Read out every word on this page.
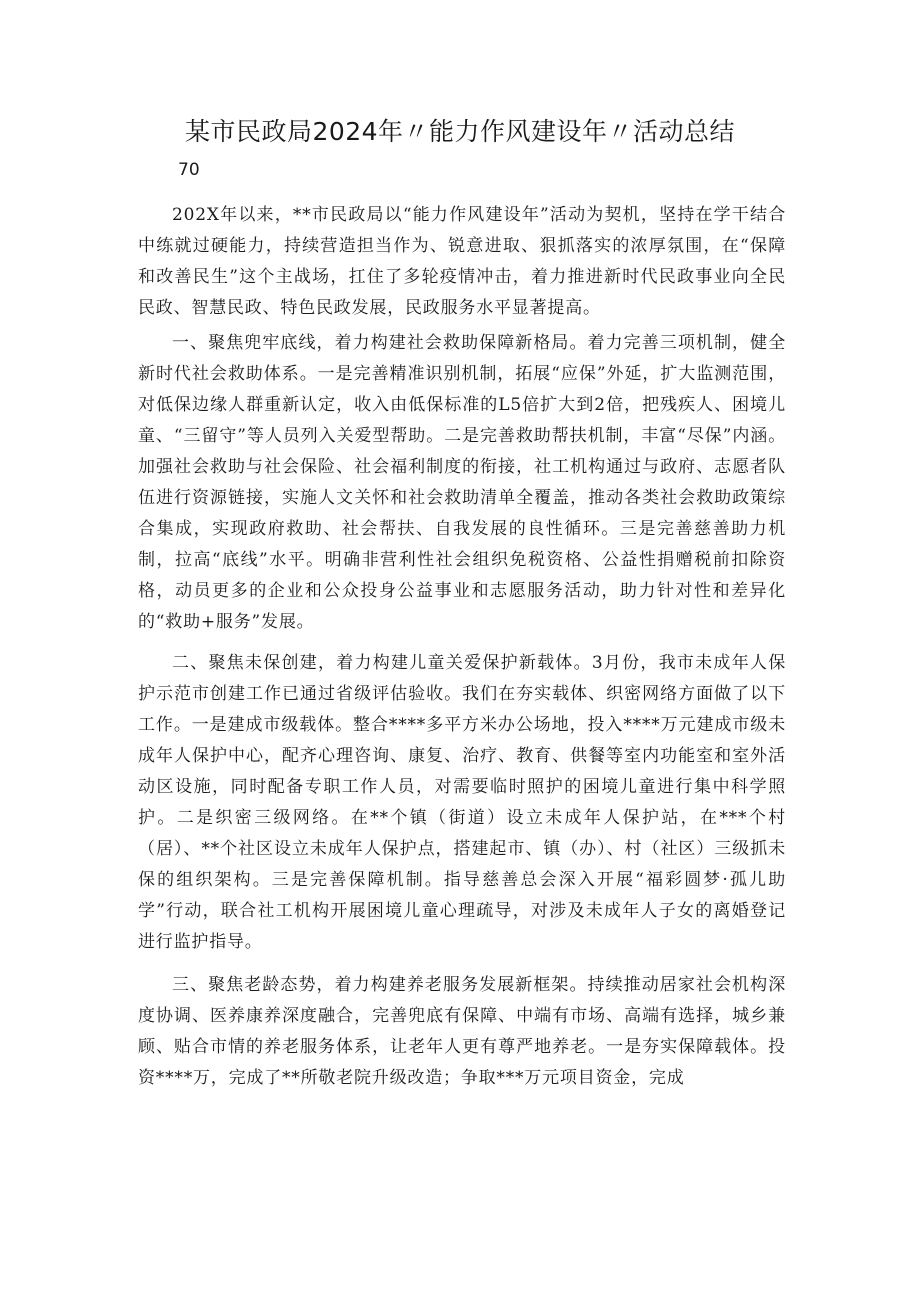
某市民政局2024年〃能力作风建设年〃活动总结
70

202X年以来，**市民政局以“能力作风建设年”活动为契机，坚持在学干结合中练就过硬能力，持续营造担当作为、锐意进取、狠抓落实的浓厚氛围，在“保障和改善民生”这个主战场，扛住了多轮疫情冲击，着力推进新时代民政事业向全民民政、智慧民政、特色民政发展，民政服务水平显著提高。

一、聚焦兜牢底线，着力构建社会救助保障新格局。着力完善三项机制，健全新时代社会救助体系。一是完善精准识别机制，拓展“应保”外延，扩大监测范围，对低保边缘人群重新认定，收入由低保标准的L5倍扩大到2倍，把残疾人、困境儿童、“三留守”等人员列入关爱型帮助。二是完善救助帮扶机制，丰富“尽保”内涵。加强社会救助与社会保险、社会福利制度的衔接，社工机构通过与政府、志愿者队伍进行资源链接，实施人文关怀和社会救助清单全覆盖，推动各类社会救助政策综合集成，实现政府救助、社会帮扶、自我发展的良性循环。三是完善慈善助力机制，拉高“底线”水平。明确非营利性社会组织免税资格、公益性捐赠税前扣除资格，动员更多的企业和公众投身公益事业和志愿服务活动，助力针对性和差异化的“救助+服务”发展。

二、聚焦未保创建，着力构建儿童关爱保护新载体。3月份，我市未成年人保护示范市创建工作已通过省级评估验收。我们在夯实载体、织密网络方面做了以下工作。一是建成市级载体。整合****多平方米办公场地，投入****万元建成市级未成年人保护中心，配齐心理咨询、康复、治疗、教育、供餐等室内功能室和室外活动区设施，同时配备专职工作人员，对需要临时照护的困境儿童进行集中科学照护。二是织密三级网络。在**个镇（街道）设立未成年人保护站，在***个村（居）、**个社区设立未成年人保护点，搭建起市、镇（办）、村（社区）三级抓未保的组织架构。三是完善保障机制。指导慈善总会深入开展“福彩圆梦·孤儿助学”行动，联合社工机构开展困境儿童心理疏导，对涉及未成年人子女的离婚登记进行监护指导。

三、聚焦老龄态势，着力构建养老服务发展新框架。持续推动居家社会机构深度协调、医养康养深度融合，完善兜底有保障、中端有市场、高端有选择，城乡兼顾、贴合市情的养老服务体系，让老年人更有尊严地养老。一是夯实保障载体。投资****万，完成了**所敬老院升级改造；争取***万元项目资金，完成
